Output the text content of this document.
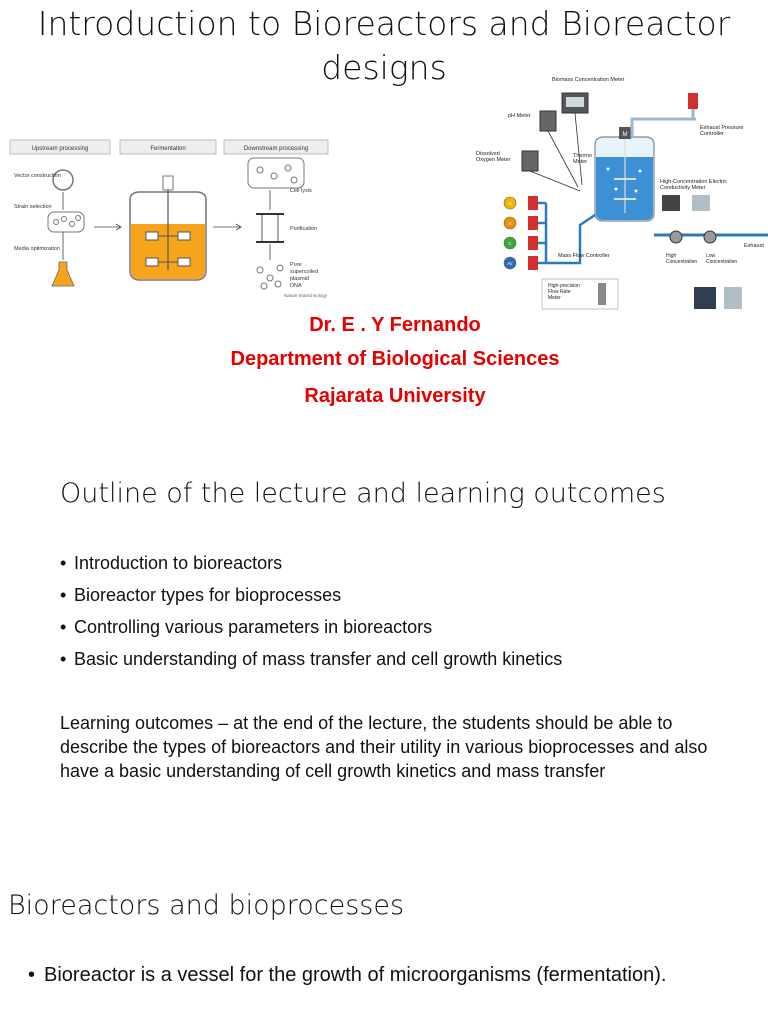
Introduction to Bioreactors and Bioreactor
designs
Upstream processing	Fermentation	Downstream processing
Vector construction
Strain selection
Media optimization
Cell lysis
Purification
Pure
supercoiled
plasmid
DNA
Nature Biotechnology
Biomass Concentration Meter
pH Meter
Dissolved
Oxygen Meter
Thermo
Meter
M
Exhaust Pressure
Controller
High-Concentration Electric
Conductivity Meter
Exhaust
High
Concentration
Low
Concentration
O
N
C
Air
Mass Flow Controller
High-precision
Flow Rate
Meter
Dr. E . Y Fernando
Department of Biological Sciences
Rajarata University
Outline of the lecture and learning outcomes
• Introduction to bioreactors
• Bioreactor types for bioprocesses
• Controlling various parameters in bioreactors
• Basic understanding of mass transfer and cell growth kinetics
Learning outcomes – at the end of the lecture, the students should be able to describe the types of bioreactors and their utility in various bioprocesses and also have a basic understanding of cell growth kinetics and mass transfer
Bioreactors and bioprocesses
• Bioreactor is a vessel for the growth of microorganisms (fermentation).
